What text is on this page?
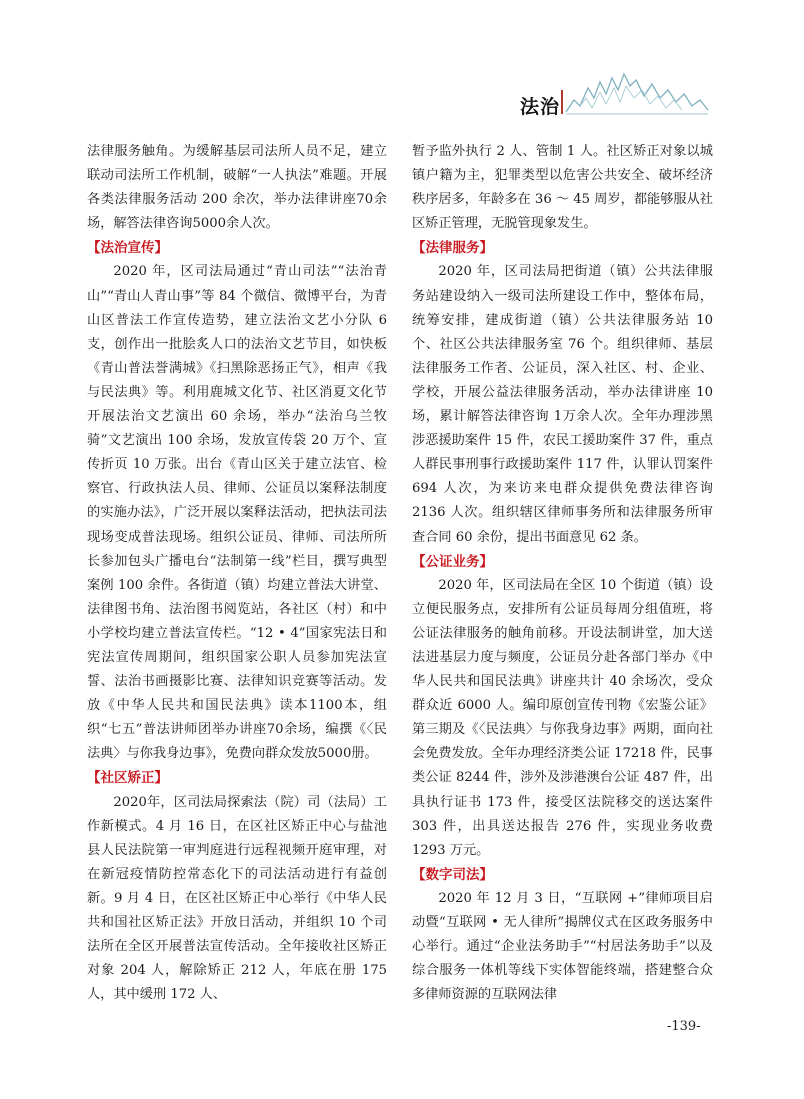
法治

法律服务触角。为缓解基层司法所人员不足，建立联动司法所工作机制，破解“一人执法”难题。开展各类法律服务活动 200 余次，举办法律讲座70余场，解答法律咨询5000余人次。

【法治宣传】

2020 年，区司法局通过“青山司法”“法治青山”“青山人青山事”等 84 个微信、微博平台，为青山区普法工作宣传造势，建立法治文艺小分队 6 支，创作出一批脍炙人口的法治文艺节目，如快板《青山普法誉满城》《扫黑除恶扬正气》，相声《我与民法典》等。利用鹿城文化节、社区消夏文化节开展法治文艺演出 60 余场，举办“法治乌兰牧骑”文艺演出 100 余场，发放宣传袋 20 万个、宣传折页 10 万张。出台《青山区关于建立法官、检察官、行政执法人员、律师、公证员以案释法制度的实施办法》，广泛开展以案释法活动，把执法司法现场变成普法现场。组织公证员、律师、司法所所长参加包头广播电台“法制第一线”栏目，撰写典型案例 100 余件。各街道（镇）均建立普法大讲堂、法律图书角、法治图书阅览站，各社区（村）和中小学校均建立普法宣传栏。“12 • 4”国家宪法日和宪法宣传周期间，组织国家公职人员参加宪法宣誓、法治书画摄影比赛、法律知识竞赛等活动。发放《中华人民共和国民法典》读本1100本，组织“七五”普法讲师团举办讲座70余场，编撰《〈民法典〉与你我身边事》，免费向群众发放5000册。

【社区矫正】

2020年，区司法局探索法（院）司（法局）工作新模式。4 月 16 日，在区社区矫正中心与盐池县人民法院第一审判庭进行远程视频开庭审理，对在新冠疫情防控常态化下的司法活动进行有益创新。9 月 4 日，在区社区矫正中心举行《中华人民共和国社区矫正法》开放日活动，并组织 10 个司法所在全区开展普法宣传活动。全年接收社区矫正对象 204 人，解除矫正 212 人，年底在册 175 人，其中缓刑 172 人、

暂予监外执行 2 人、管制 1 人。社区矫正对象以城镇户籍为主，犯罪类型以危害公共安全、破坏经济秩序居多，年龄多在 36 ～ 45 周岁，都能够服从社区矫正管理，无脱管现象发生。

【法律服务】

2020 年，区司法局把街道（镇）公共法律服务站建设纳入一级司法所建设工作中，整体布局，统筹安排，建成街道（镇）公共法律服务站 10 个、社区公共法律服务室 76 个。组织律师、基层法律服务工作者、公证员，深入社区、村、企业、学校，开展公益法律服务活动，举办法律讲座 10场，累计解答法律咨询 1万余人次。全年办理涉黑涉恶援助案件 15 件，农民工援助案件 37 件，重点人群民事刑事行政援助案件 117 件，认罪认罚案件 694 人次，为来访来电群众提供免费法律咨询 2136 人次。组织辖区律师事务所和法律服务所审查合同 60 余份，提出书面意见 62 条。

【公证业务】

2020 年，区司法局在全区 10 个街道（镇）设立便民服务点，安排所有公证员每周分组值班，将公证法律服务的触角前移。开设法制讲堂，加大送法进基层力度与频度，公证员分赴各部门举办《中华人民共和国民法典》讲座共计 40 余场次，受众群众近 6000 人。编印原创宣传刊物《宏鉴公证》第三期及《〈民法典〉与你我身边事》两期，面向社会免费发放。全年办理经济类公证 17218 件，民事类公证 8244 件，涉外及涉港澳台公证 487 件，出具执行证书 173 件，接受区法院移交的送达案件 303 件，出具送达报告 276 件，实现业务收费 1293 万元。

【数字司法】

2020 年 12 月 3 日，“互联网 +”律师项目启动暨“互联网 • 无人律所”揭牌仪式在区政务服务中心举行。通过“企业法务助手”“村居法务助手”以及综合服务一体机等线下实体智能终端，搭建整合众多律师资源的互联网法律

-139-
